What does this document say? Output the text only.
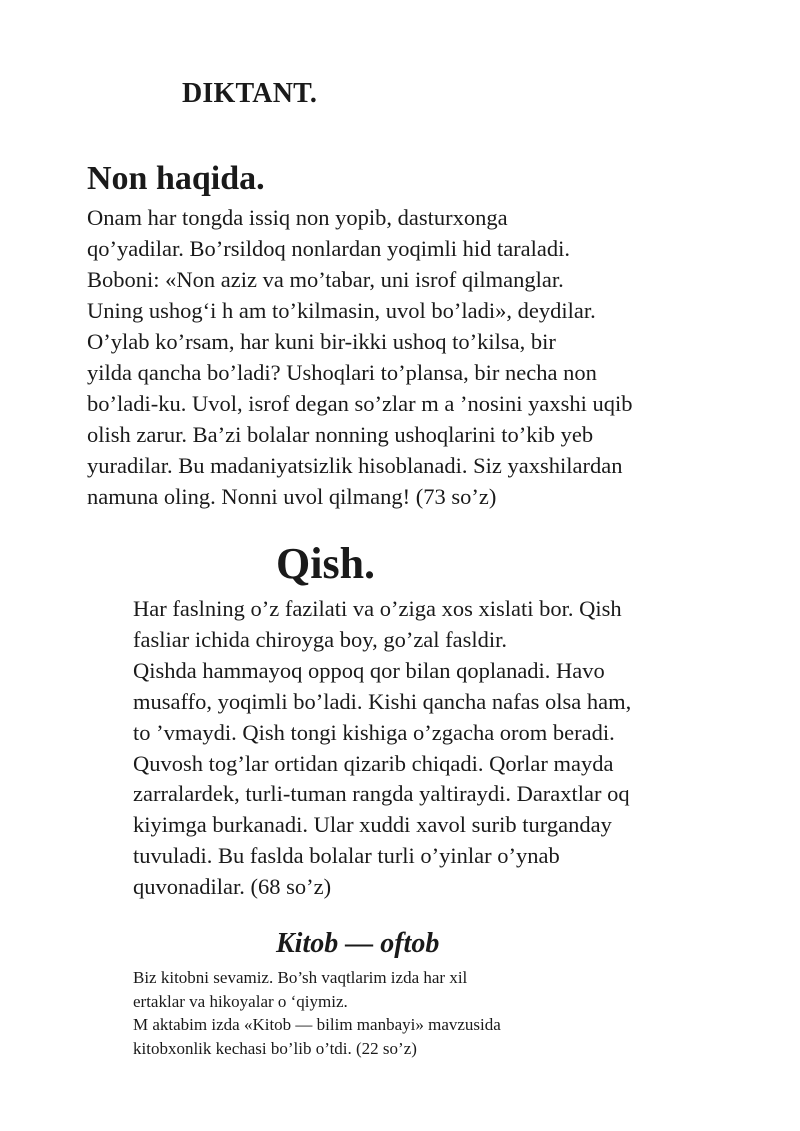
DIKTANT.
Non haqida.
Onam har tongda issiq non yopib, dasturxonga
qo’yadilar. Bo’rsildoq nonlardan yoqimli hid taraladi.
Boboni: «Non aziz va mo’tabar, uni isrof qilmanglar.
Uning ushog‘i h am to’kilmasin, uvol bo’ladi», deydilar.
O’ylab ko’rsam, har kuni bir-ikki ushoq to’kilsa, bir
yilda qancha bo’ladi? Ushoqlari to’plansa, bir necha non
bo’ladi-ku. Uvol, isrof degan so’zlar m a ’nosini yaxshi uqib
olish zarur. Ba’zi bolalar nonning ushoqlarini to’kib yeb
yuradilar. Bu madaniyatsizlik hisoblanadi. Siz yaxshilardan
namuna oling. Nonni uvol qilmang! (73 so’z)
Qish.
Har faslning o’z fazilati va o’ziga xos xislati bor. Qish
fasliar ichida chiroyga boy, go’zal fasldir.
Qishda hammayoq oppoq qor bilan qoplanadi. Havo
musaffo, yoqimli bo’ladi. Kishi qancha nafas olsa ham,
to ’vmaydi. Qish tongi kishiga o’zgacha orom beradi.
Quvosh tog’lar ortidan qizarib chiqadi. Qorlar mayda
zarralardek, turli-tuman rangda yaltiraydi. Daraxtlar oq
kiyimga burkanadi. Ular xuddi xavol surib turganday
tuvuladi. Bu faslda bolalar turli o’yinlar o’ynab
quvonadilar. (68 so’z)
Kitob — oftob
Biz kitobni sevamiz. Bo’sh vaqtlarim izda har xil
ertaklar va hikoyalar o ‘qiymiz.
M aktabim izda «Kitob — bilim manbayi» mavzusida
kitobxonlik kechasi bo’lib o’tdi. (22 so’z)
